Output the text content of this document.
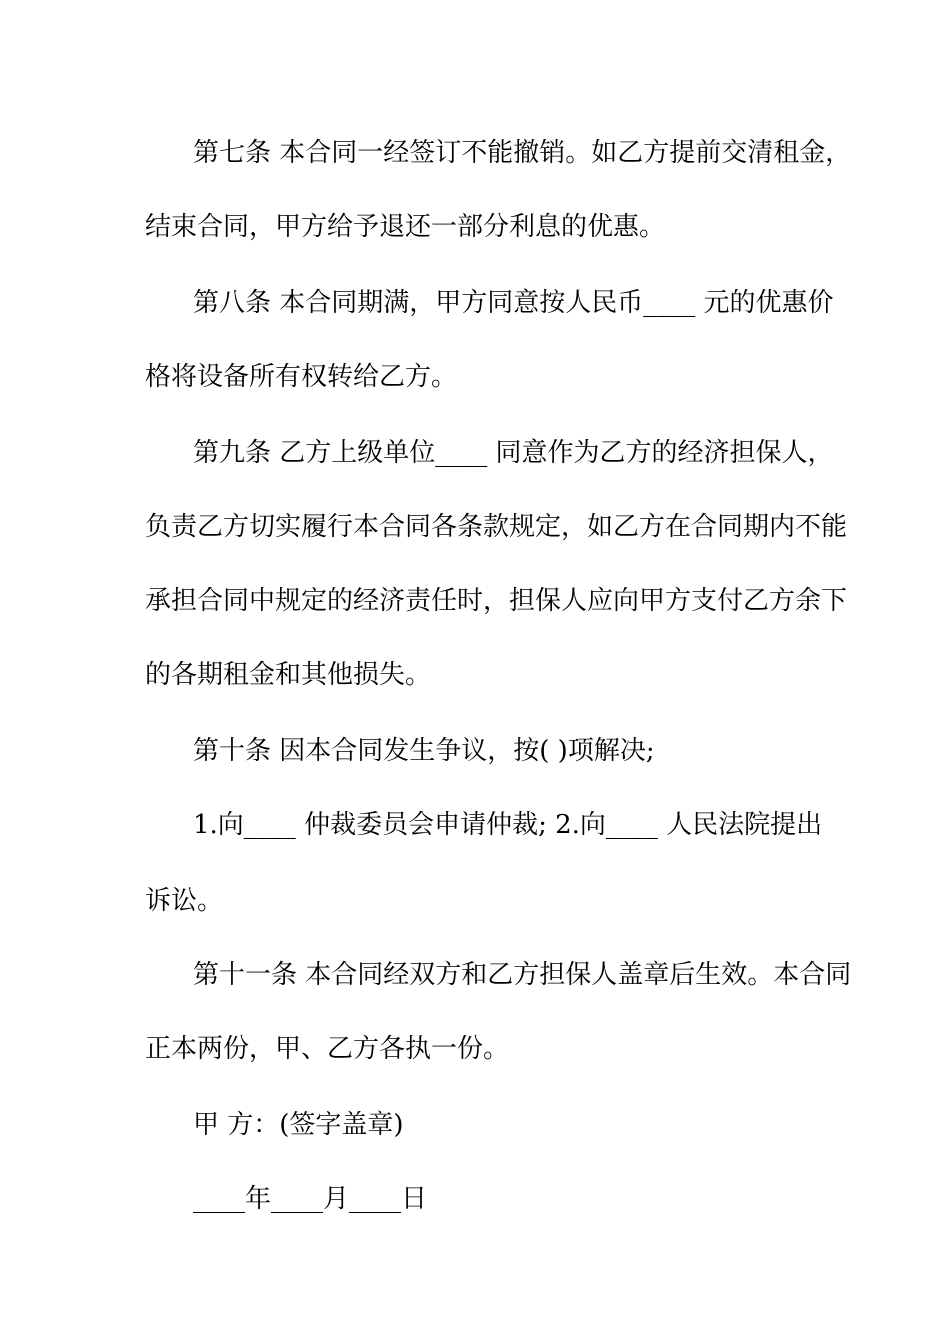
第七条 本合同一经签订不能撤销。如乙方提前交清租金，

结束合同，甲方给予退还一部分利息的优惠。

第八条 本合同期满，甲方同意按人民币____ 元的优惠价

格将设备所有权转给乙方。

第九条 乙方上级单位____ 同意作为乙方的经济担保人，

负责乙方切实履行本合同各条款规定，如乙方在合同期内不能

承担合同中规定的经济责任时，担保人应向甲方支付乙方余下

的各期租金和其他损失。

第十条 因本合同发生争议，按( )项解决;

1.向____ 仲裁委员会申请仲裁; 2.向____ 人民法院提出

诉讼。

第十一条 本合同经双方和乙方担保人盖章后生效。本合同

正本两份，甲、乙方各执一份。

甲 方：(签字盖章)

____年____月____日
